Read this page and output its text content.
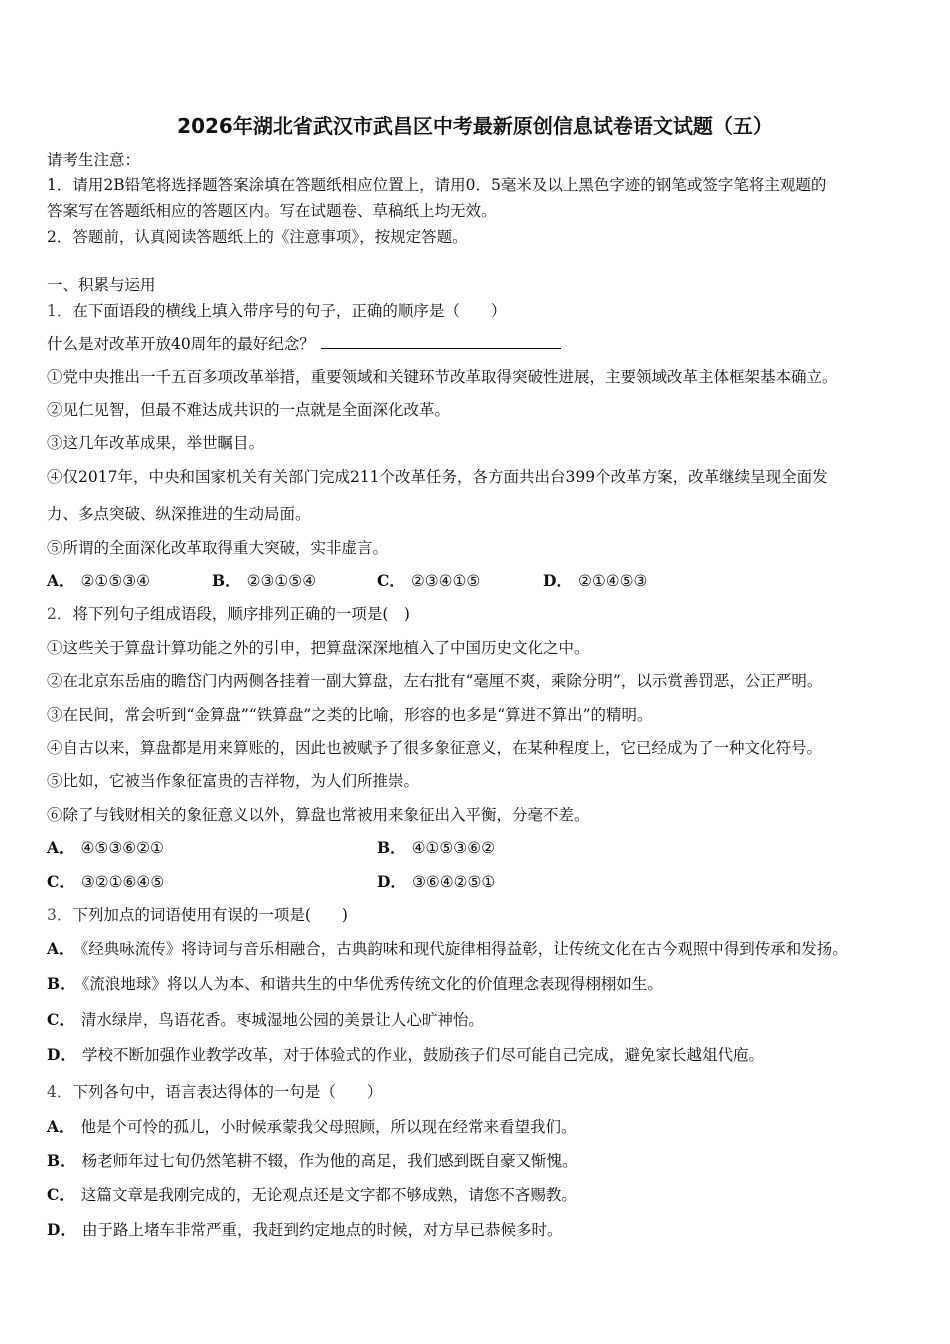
2026年湖北省武汉市武昌区中考最新原创信息试卷语文试题（五）
请考生注意：
1．请用2B铅笔将选择题答案涂填在答题纸相应位置上，请用0．5毫米及以上黑色字迹的钢笔或签字笔将主观题的
答案写在答题纸相应的答题区内。写在试题卷、草稿纸上均无效。
2．答题前，认真阅读答题纸上的《注意事项》，按规定答题。
一、积累与运用
1．在下面语段的横线上填入带序号的句子，正确的顺序是（　　）
什么是对改革开放40周年的最好纪念？
①党中央推出一千五百多项改革举措，重要领域和关键环节改革取得突破性进展，主要领域改革主体框架基本确立。
②见仁见智，但最不难达成共识的一点就是全面深化改革。
③这几年改革成果，举世瞩目。
④仅2017年，中央和国家机关有关部门完成211个改革任务，各方面共出台399个改革方案，改革继续呈现全面发
力、多点突破、纵深推进的生动局面。
⑤所谓的全面深化改革取得重大突破，实非虚言。
A． ②①⑤③④	B． ②③①⑤④	C． ②③④①⑤	D． ②①④⑤③
2．将下列句子组成语段，顺序排列正确的一项是(　)
①这些关于算盘计算功能之外的引申，把算盘深深地植入了中国历史文化之中。
②在北京东岳庙的瞻岱门内两侧各挂着一副大算盘，左右批有“毫厘不爽，乘除分明”，以示赏善罚恶，公正严明。
③在民间，常会听到“金算盘”“铁算盘”之类的比喻，形容的也多是“算进不算出”的精明。
④自古以来，算盘都是用来算账的，因此也被赋予了很多象征意义，在某种程度上，它已经成为了一种文化符号。
⑤比如，它被当作象征富贵的吉祥物，为人们所推崇。
⑥除了与钱财相关的象征意义以外，算盘也常被用来象征出入平衡，分毫不差。
A． ④⑤③⑥②①	B． ④①⑤③⑥②
C． ③②①⑥④⑤	D． ③⑥④②⑤①
3．下列加点的词语使用有误的一项是(　　)
A． 《经典咏流传》将诗词与音乐相融合，古典韵味和现代旋律相得益彰，让传统文化在古今观照中得到传承和发扬。
B． 《流浪地球》将以人为本、和谐共生的中华优秀传统文化的价值理念表现得栩栩如生。
C． 清水绿岸，鸟语花香。枣城湿地公园的美景让人心旷神怡。
D． 学校不断加强作业教学改革，对于体验式的作业，鼓励孩子们尽可能自己完成，避免家长越俎代庖。
4．下列各句中，语言表达得体的一句是（　　）
A． 他是个可怜的孤儿，小时候承蒙我父母照顾，所以现在经常来看望我们。
B． 杨老师年过七旬仍然笔耕不辍，作为他的高足，我们感到既自豪又惭愧。
C． 这篇文章是我刚完成的，无论观点还是文字都不够成熟，请您不吝赐教。
D． 由于路上堵车非常严重，我赶到约定地点的时候，对方早已恭候多时。
